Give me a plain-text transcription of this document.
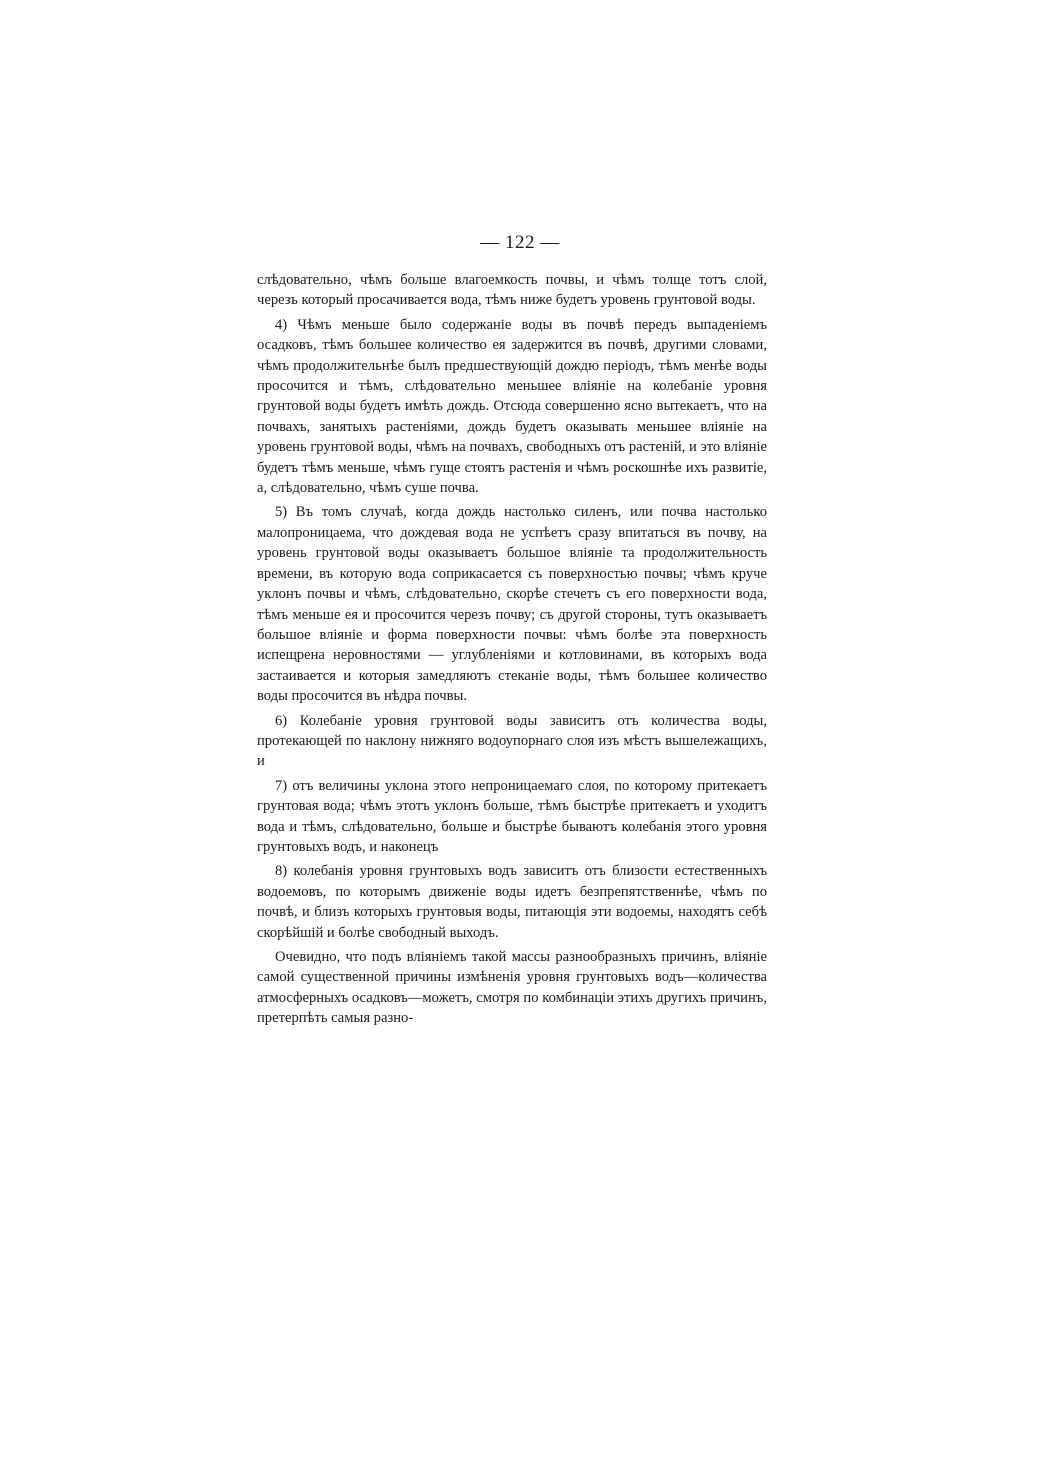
— 122 —

слѣдовательно, чѣмъ больше влагоемкость почвы, и чѣмъ толще тотъ слой, черезъ который просачивается вода, тѣмъ ниже будетъ уровень грунтовой воды.

4) Чѣмъ меньше было содержаніе воды въ почвѣ передъ выпаденіемъ осадковъ, тѣмъ большее количество ея задержится въ почвѣ, другими словами, чѣмъ продолжительнѣе былъ предшествующій дождю періодъ, тѣмъ менѣе воды просочится и тѣмъ, слѣдовательно меньшее вліяніе на колебаніе уровня грунтовой воды будетъ имѣть дождь. Отсюда совершенно ясно вытекаетъ, что на почвахъ, занятыхъ растеніями, дождь будетъ оказывать меньшее вліяніе на уровень грунтовой воды, чѣмъ на почвахъ, свободныхъ отъ растеній, и это вліяніе будетъ тѣмъ меньше, чѣмъ гуще стоятъ растенія и чѣмъ роскошнѣе ихъ развитіе, а, слѣдовательно, чѣмъ суше почва.

5) Въ томъ случаѣ, когда дождь настолько силенъ, или почва настолько малопроницаема, что дождевая вода не успѣетъ сразу впитаться въ почву, на уровень грунтовой воды оказываетъ большое вліяніе та продолжительность времени, въ которую вода соприкасается съ поверхностью почвы; чѣмъ круче уклонъ почвы и чѣмъ, слѣдовательно, скорѣе стечетъ съ его поверхности вода, тѣмъ меньше ея и просочится черезъ почву; съ другой стороны, тутъ оказываетъ большое вліяніе и форма поверхности почвы: чѣмъ болѣе эта поверхность испещрена неровностями — углубленіями и котловинами, въ которыхъ вода застаивается и которыя замедляютъ стеканіе воды, тѣмъ большее количество воды просочится въ нѣдра почвы.

6) Колебаніе уровня грунтовой воды зависитъ отъ количества воды, протекающей по наклону нижняго водоупорнаго слоя изъ мѣстъ вышележащихъ, и

7) отъ величины уклона этого непроницаемаго слоя, по которому притекаетъ грунтовая вода; чѣмъ этотъ уклонъ больше, тѣмъ быстрѣе притекаетъ и уходитъ вода и тѣмъ, слѣдовательно, больше и быстрѣе бываютъ колебанія этого уровня грунтовыхъ водъ, и наконецъ

8) колебанія уровня грунтовыхъ водъ зависитъ отъ близости естественныхъ водоемовъ, по которымъ движеніе воды идетъ безпрепятственнѣе, чѣмъ по почвѣ, и близъ которыхъ грунтовыя воды, питающія эти водоемы, находятъ себѣ скорѣйшій и болѣе свободный выходъ.

Очевидно, что подъ вліяніемъ такой массы разнообразныхъ причинъ, вліяніе самой существенной причины измѣненія уровня грунтовыхъ водъ—количества атмосферныхъ осадковъ—можетъ, смотря по комбинаціи этихъ другихъ причинъ, претерпѣть самыя разно-
